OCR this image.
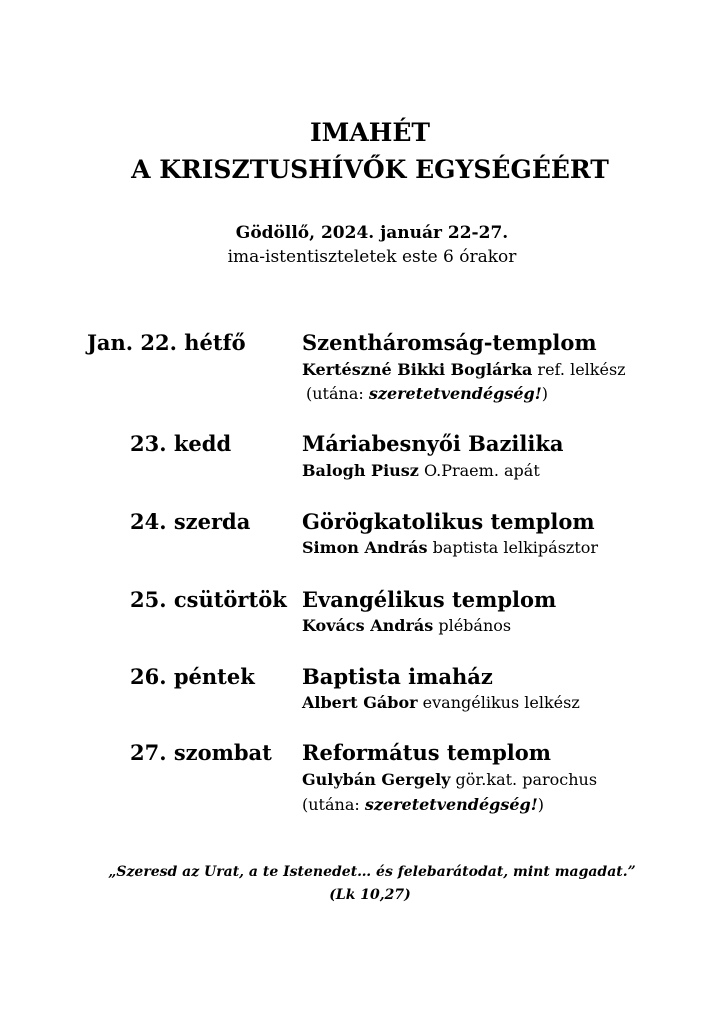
IMAHÉT
A KRISZTUSHÍVŐK EGYSÉGÉÉRT
Gödöllő, 2024. január 22-27.
ima-istentiszteletek este 6 órakor
Jan. 22. hétfő	Szentháromság-templom
Kertészné Bikki Boglárka ref. lelkész
(utána: szeretetvendégség!)
23. kedd	Máriabesnyői Bazilika
Balogh Piusz O.Praem. apát
24. szerda Görögkatolikus templom
Simon András baptista lelkipásztor
25. csütörtök Evangélikus templom
Kovács András plébános
26. péntek Baptista imaház
Albert Gábor evangélikus lelkész
27. szombat Református templom
Gulybán Gergely gör.kat. parochus
(utána: szeretetvendégség!)
„Szeresd az Urat, a te Istenedet… és felebarátodat, mint magadat.”
(Lk 10,27)
